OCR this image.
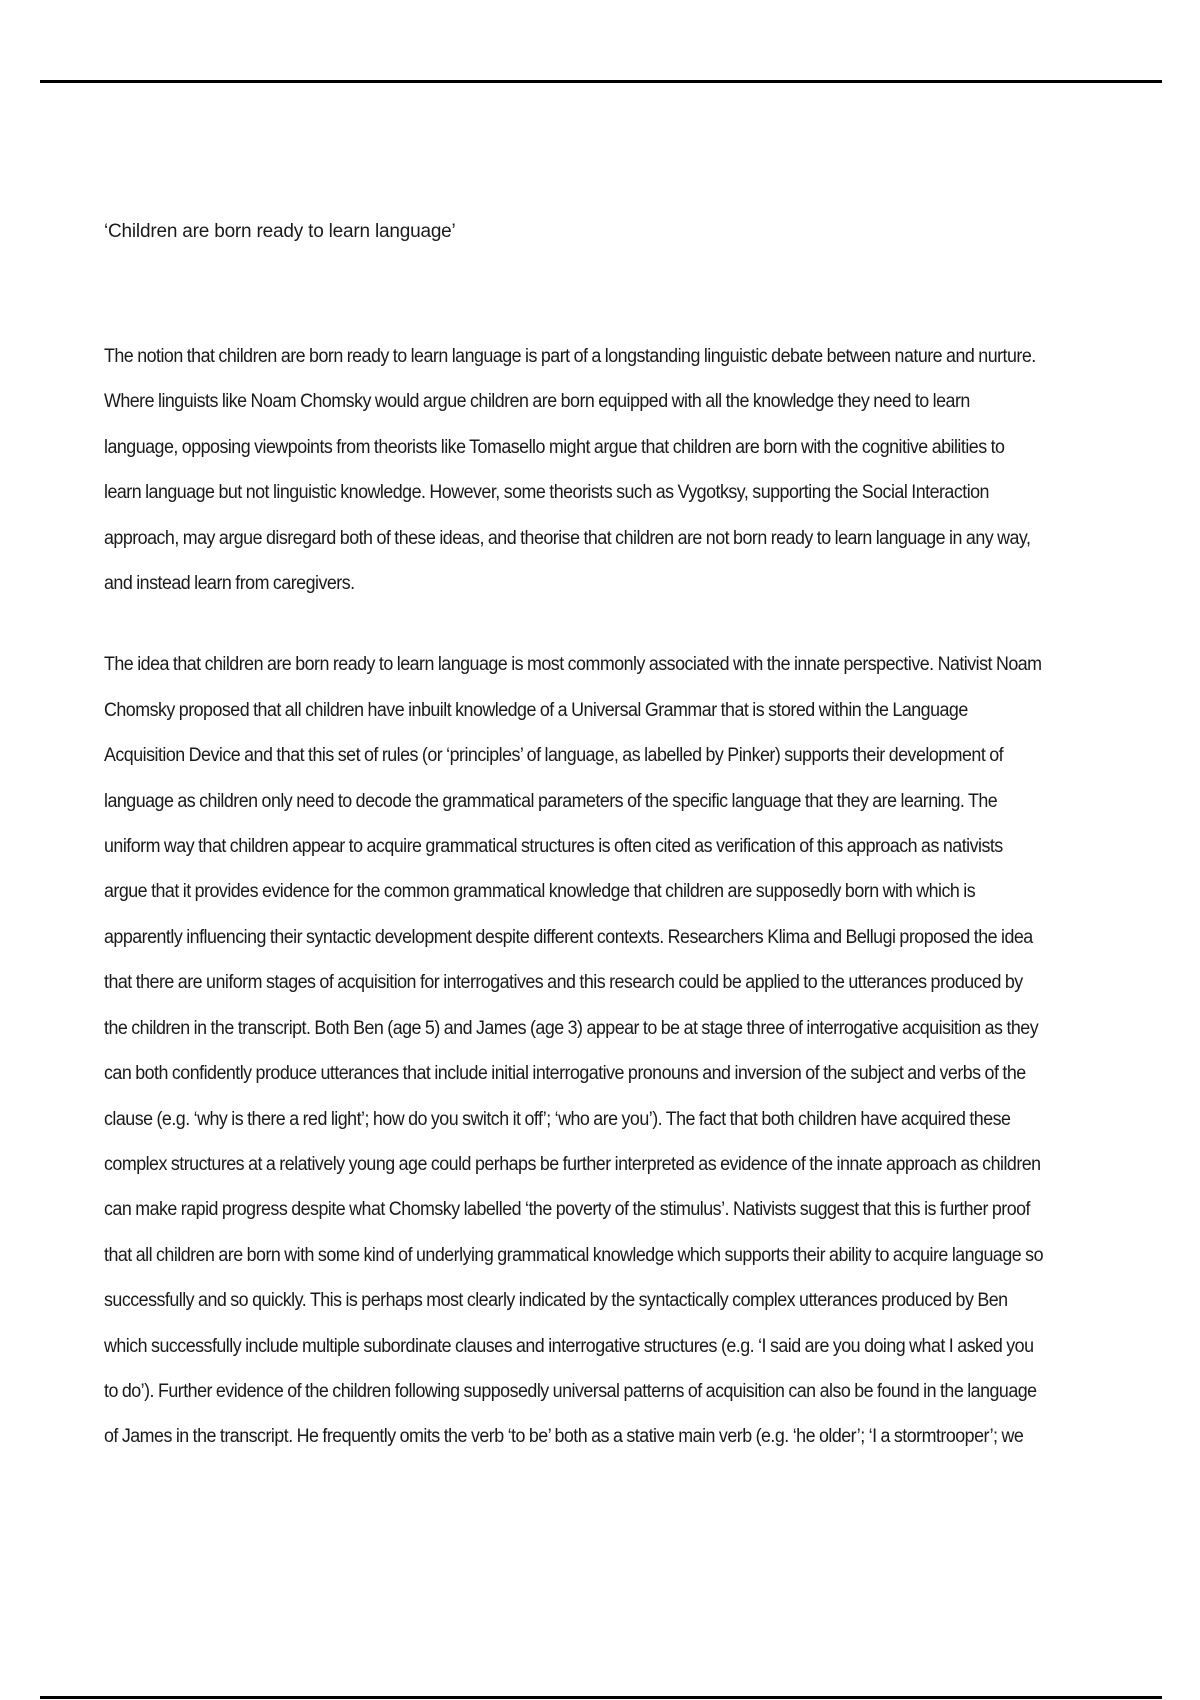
‘Children are born ready to learn language’

The notion that children are born ready to learn language is part of a longstanding linguistic debate between nature and nurture. Where linguists like Noam Chomsky would argue children are born equipped with all the knowledge they need to learn language, opposing viewpoints from theorists like Tomasello might argue that children are born with the cognitive abilities to learn language but not linguistic knowledge. However, some theorists such as Vygotksy, supporting the Social Interaction approach, may argue disregard both of these ideas, and theorise that children are not born ready to learn language in any way, and instead learn from caregivers.

The idea that children are born ready to learn language is most commonly associated with the innate perspective. Nativist Noam Chomsky proposed that all children have inbuilt knowledge of a Universal Grammar that is stored within the Language Acquisition Device and that this set of rules (or ‘principles’ of language, as labelled by Pinker) supports their development of language as children only need to decode the grammatical parameters of the specific language that they are learning. The uniform way that children appear to acquire grammatical structures is often cited as verification of this approach as nativists argue that it provides evidence for the common grammatical knowledge that children are supposedly born with which is apparently influencing their syntactic development despite different contexts. Researchers Klima and Bellugi proposed the idea that there are uniform stages of acquisition for interrogatives and this research could be applied to the utterances produced by the children in the transcript. Both Ben (age 5) and James (age 3) appear to be at stage three of interrogative acquisition as they can both confidently produce utterances that include initial interrogative pronouns and inversion of the subject and verbs of the clause (e.g. ‘why is there a red light’; how do you switch it off’; ‘who are you’). The fact that both children have acquired these complex structures at a relatively young age could perhaps be further interpreted as evidence of the innate approach as children can make rapid progress despite what Chomsky labelled ‘the poverty of the stimulus’. Nativists suggest that this is further proof that all children are born with some kind of underlying grammatical knowledge which supports their ability to acquire language so successfully and so quickly. This is perhaps most clearly indicated by the syntactically complex utterances produced by Ben which successfully include multiple subordinate clauses and interrogative structures (e.g. ‘I said are you doing what I asked you to do’). Further evidence of the children following supposedly universal patterns of acquisition can also be found in the language of James in the transcript. He frequently omits the verb ‘to be’ both as a stative main verb (e.g. ‘he older’; ‘I a stormtrooper’; we
